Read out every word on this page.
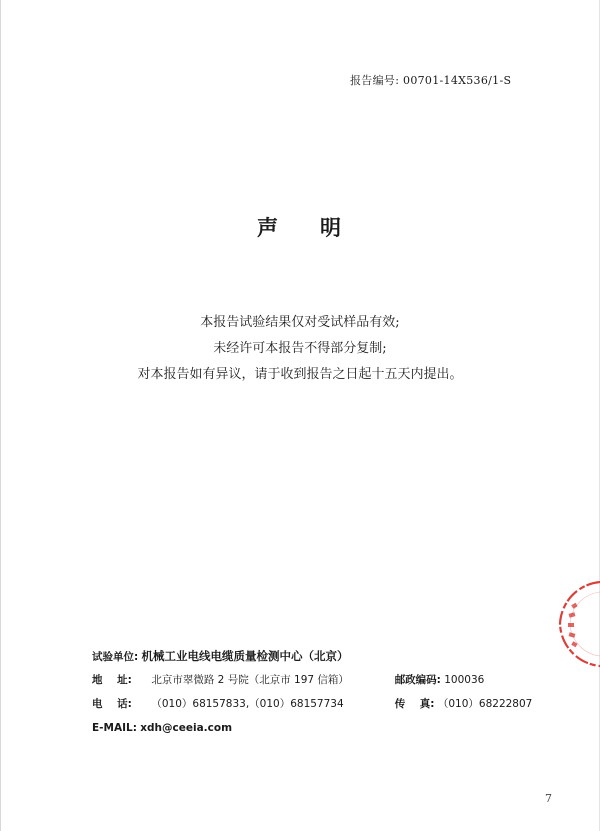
报告编号: 00701-14X536/1-S
声 明
本报告试验结果仅对受试样品有效;
未经许可本报告不得部分复制;
对本报告如有异议，请于收到报告之日起十五天内提出。
试验单位: 机械工业电线电缆质量检测中心（北京）
地    址: 北京市翠微路 2 号院（北京市 197 信箱）	邮政编码: 100036
电    话: （010）68157833,（010）68157734	传    真: （010）68222807
E-MAIL: xdh@ceeia.com
7
